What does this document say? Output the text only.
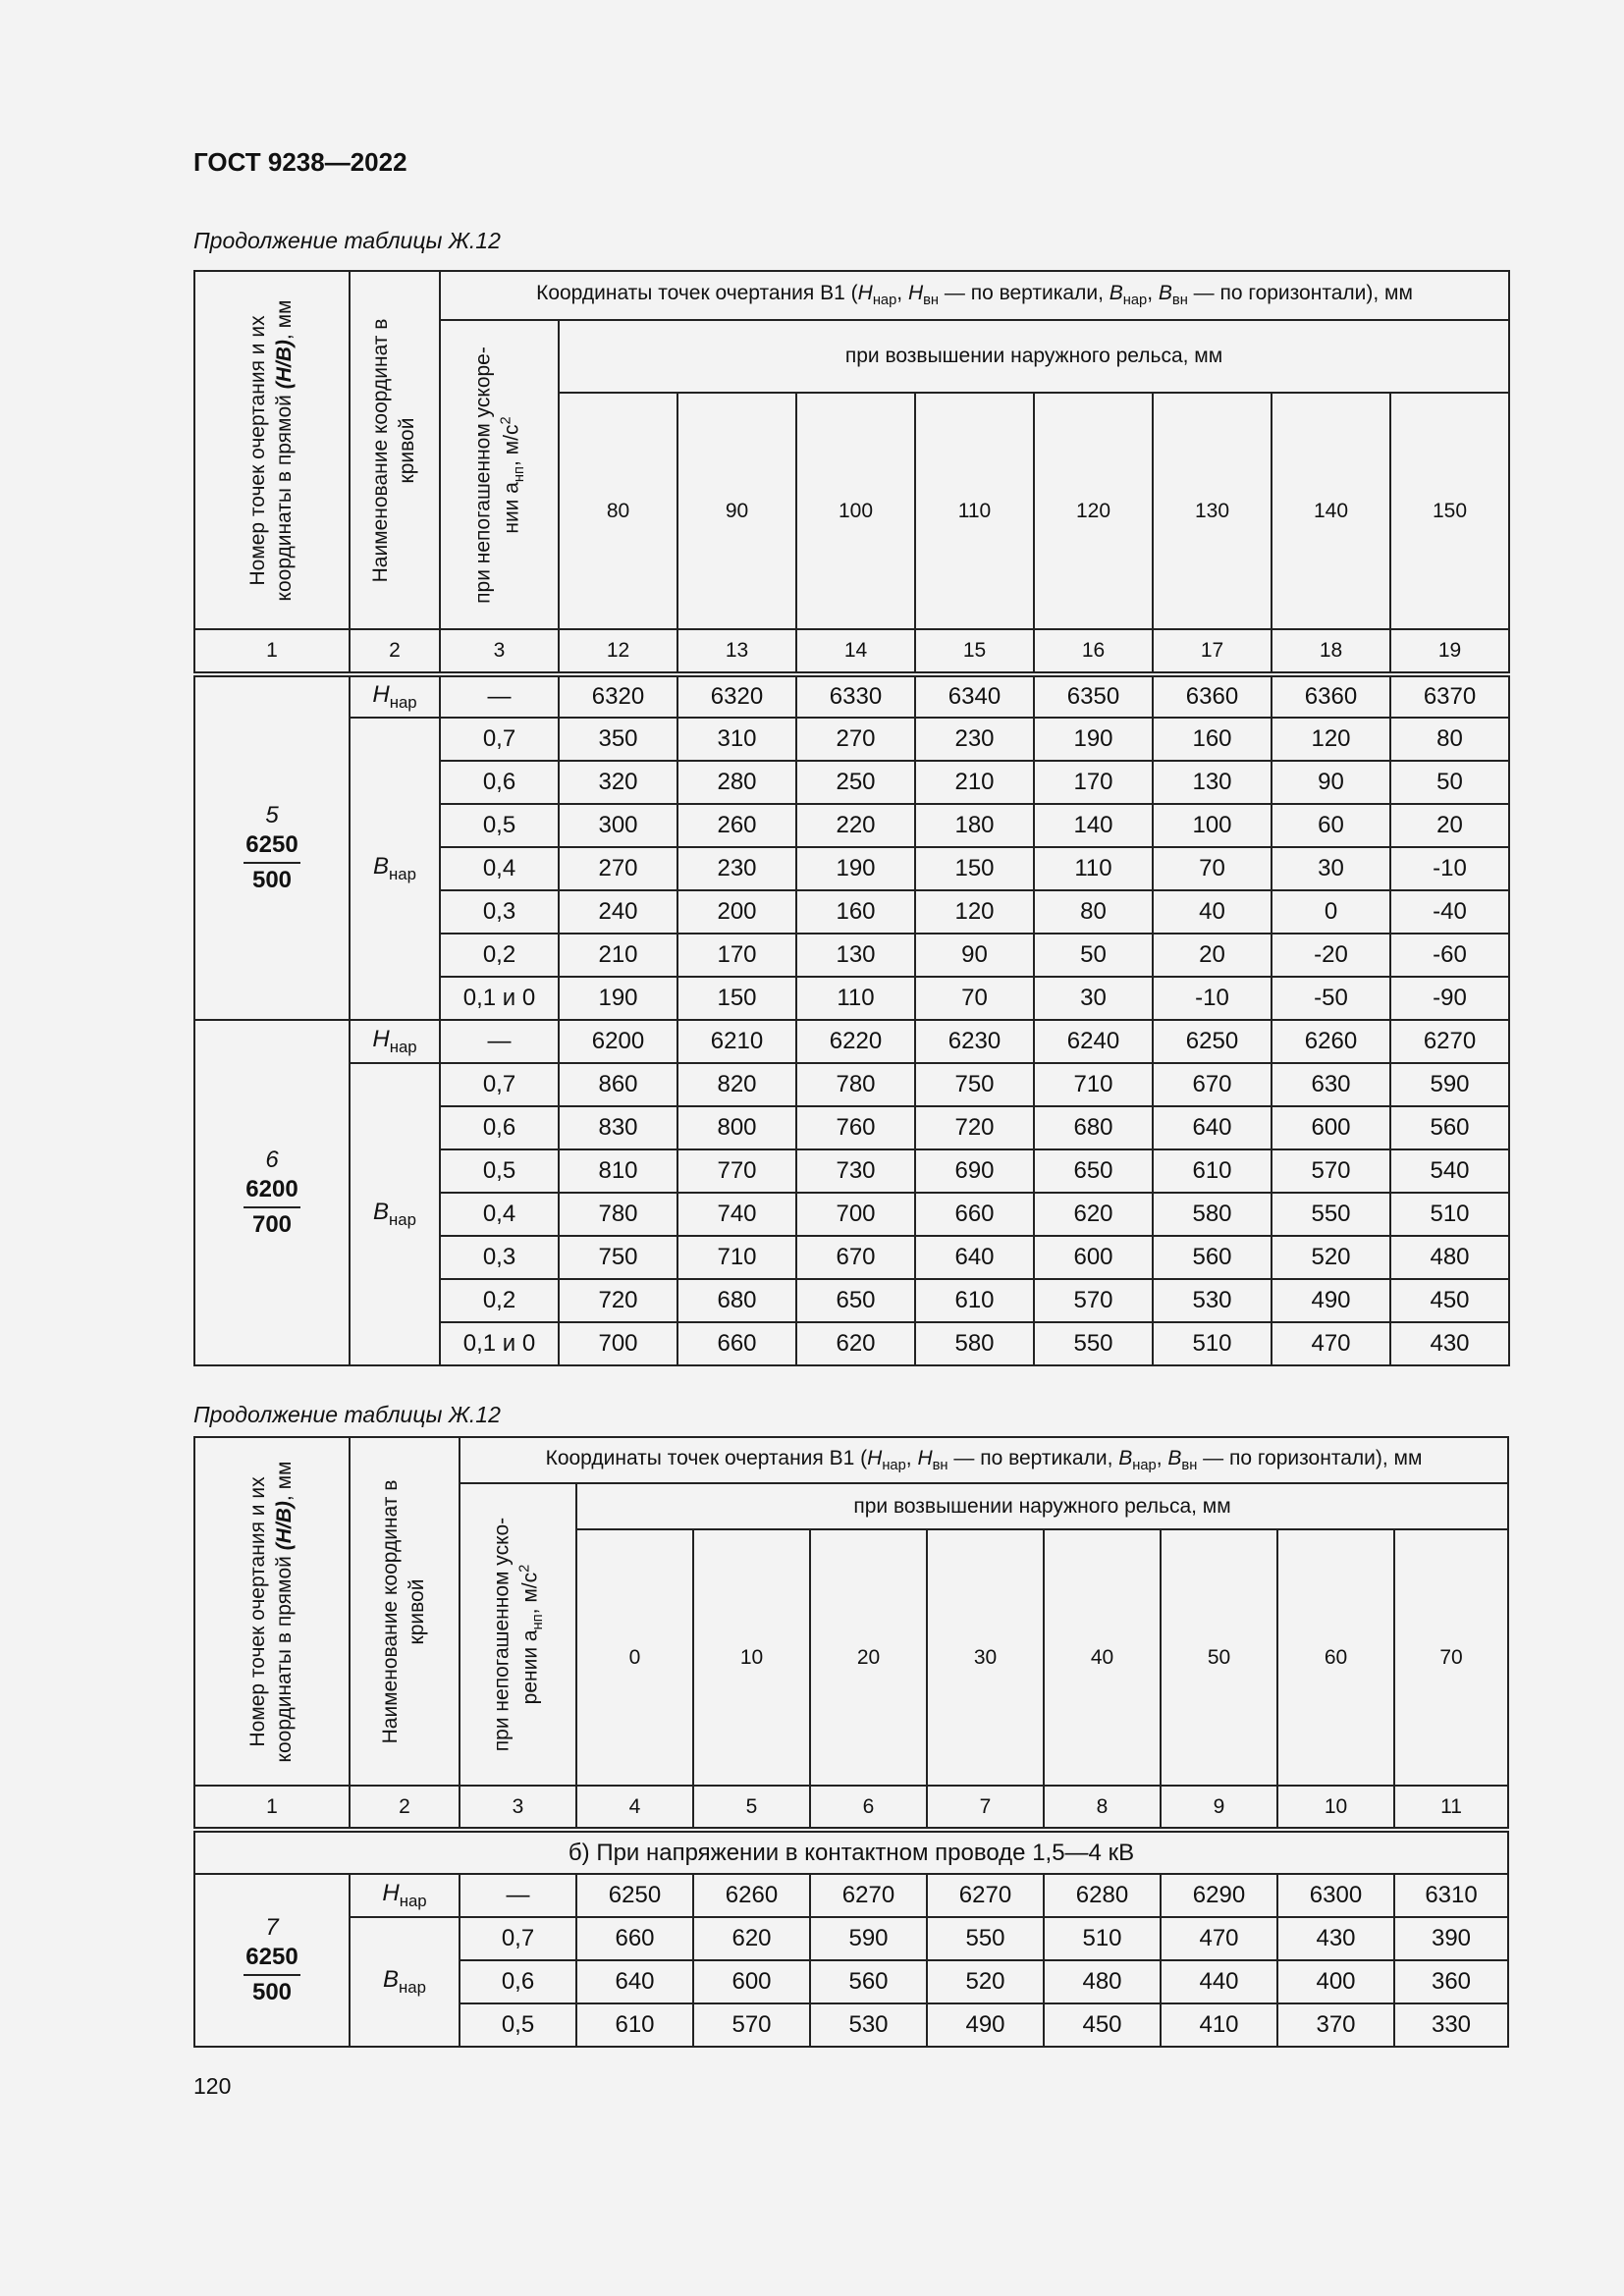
ГОСТ 9238—2022
Продолжение таблицы Ж.12
Номер точек очертания и их координаты в прямой (H/B), мм	Наименование координат в кривой	Координаты точек очертания В1 ($H_{нар}$, $H_{вн}$ — по вертикали, $В_{нар}$, $В_{вн}$ — по горизонтали), мм								

		при непогашенном ускоре-нии $а_{нп}$, $м/с^2$	при возвышении наружного рельса, мм							
			80	90	100	110	120	130	140	150
1	2	3	12	13	14	15	16	17	18	19

5
6250
500	$H_{нар}$	—	6320	6320	6330	6340	6350	6360	6360	6370
	$B_{нар}$	0,7	350	310	270	230	190	160	120	80
		0,6	320	280	250	210	170	130	90	50
		0,5	300	260	220	180	140	100	60	20
		0,4	270	230	190	150	110	70	30	-10
		0,3	240	200	160	120	80	40	0	-40
		0,2	210	170	130	90	50	20	-20	-60
		0,1 и 0	190	150	110	70	30	-10	-50	-90

6
6200
700	$H_{нар}$	—	6200	6210	6220	6230	6240	6250	6260	6270
	$B_{нар}$	0,7	860	820	780	750	710	670	630	590
		0,6	830	800	760	720	680	640	600	560
		0,5	810	770	730	690	650	610	570	540
		0,4	780	740	700	660	620	580	550	510
		0,3	750	710	670	640	600	560	520	480
		0,2	720	680	650	610	570	530	490	450
		0,1 и 0	700	660	620	580	550	510	470	430
Продолжение таблицы Ж.12
Номер точек очертания и их координаты в прямой (H/B), мм	Наименование координат в кривой	Координаты точек очертания В1 ($H_{нар}$, $H_{вн}$ — по вертикали, $В_{нар}$, $В_{вн}$ — по горизонтали), мм								

		при непогашенном уско-рении $а_{нп}$, $м/с^2$	при возвышении наружного рельса, мм							
			0	10	20	30	40	50	60	70
1	2	3	4	5	6	7	8	9	10	11
б) При напряжении в контактном проводе 1,5—4 кВ										

7
6250
500	$H_{нар}$	—	6250	6260	6270	6270	6280	6290	6300	6310
	$B_{нар}$	0,7	660	620	590	550	510	470	430	390
		0,6	640	600	560	520	480	440	400	360
		0,5	610	570	530	490	450	410	370	330
120
